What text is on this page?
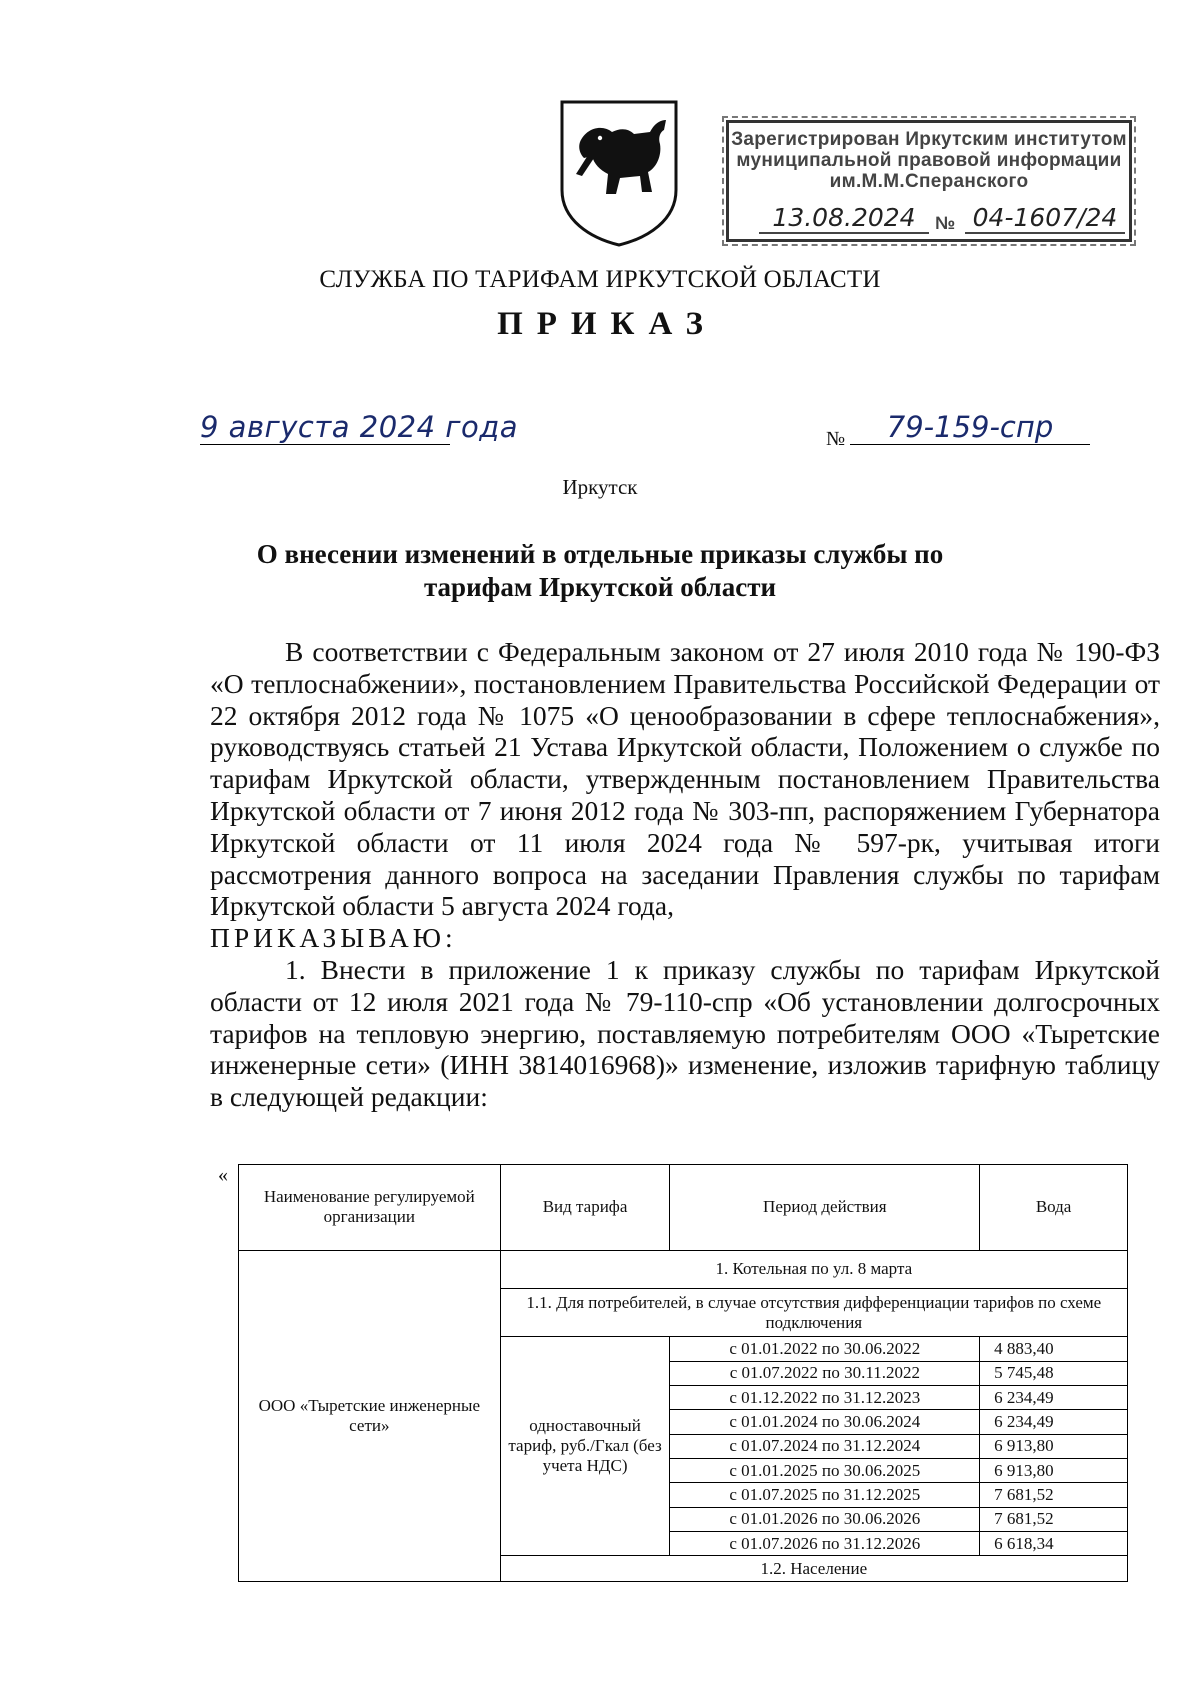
Зарегистрирован Иркутским институтом
муниципальной правовой информации
им.М.М.Сперанского
13.08.2024	№ 04-1607/24
СЛУЖБА ПО ТАРИФАМ ИРКУТСКОЙ ОБЛАСТИ
ПРИКАЗ
9 августа 2024 года	№	79-159-спр
Иркутск
О внесении изменений в отдельные приказы службы по тарифам Иркутской области

В соответствии с Федеральным законом от 27 июля 2010 года № 190-ФЗ «О теплоснабжении», постановлением Правительства Российской Федерации от 22 октября 2012 года № 1075 «О ценообразовании в сфере теплоснабжения», руководствуясь статьей 21 Устава Иркутской области, Положением о службе по тарифам Иркутской области, утвержденным постановлением Правительства Иркутской области от 7 июня 2012 года № 303-пп, распоряжением Губернатора Иркутской области от 11 июля 2024 года № 597-рк, учитывая итоги рассмотрения данного вопроса на заседании Правления службы по тарифам Иркутской области 5 августа 2024 года,

ПРИКАЗЫВАЮ:

1. Внести в приложение 1 к приказу службы по тарифам Иркутской области от 12 июля 2021 года № 79-110-спр «Об установлении долгосрочных тарифов на тепловую энергию, поставляемую потребителям ООО «Тыретские инженерные сети» (ИНН 3814016968)» изменение, изложив тарифную таблицу в следующей редакции:

«
Наименование регулируемой организации	Вид тарифа	Период действия	Вода
ООО «Тыретские инженерные сети»	1. Котельная по ул. 8 марта		
	1.1. Для потребителей, в случае отсутствия дифференциации тарифов по схеме подключения		
	одноставочный тариф, руб./Гкал (без учета НДС)	с 01.01.2022 по 30.06.2022	4 883,40
		с 01.07.2022 по 30.11.2022	5 745,48
		с 01.12.2022 по 31.12.2023	6 234,49
		с 01.01.2024 по 30.06.2024	6 234,49
		с 01.07.2024 по 31.12.2024	6 913,80
		с 01.01.2025 по 30.06.2025	6 913,80
		с 01.07.2025 по 31.12.2025	7 681,52
		с 01.01.2026 по 30.06.2026	7 681,52
		с 01.07.2026 по 31.12.2026	6 618,34
	1.2. Население		
